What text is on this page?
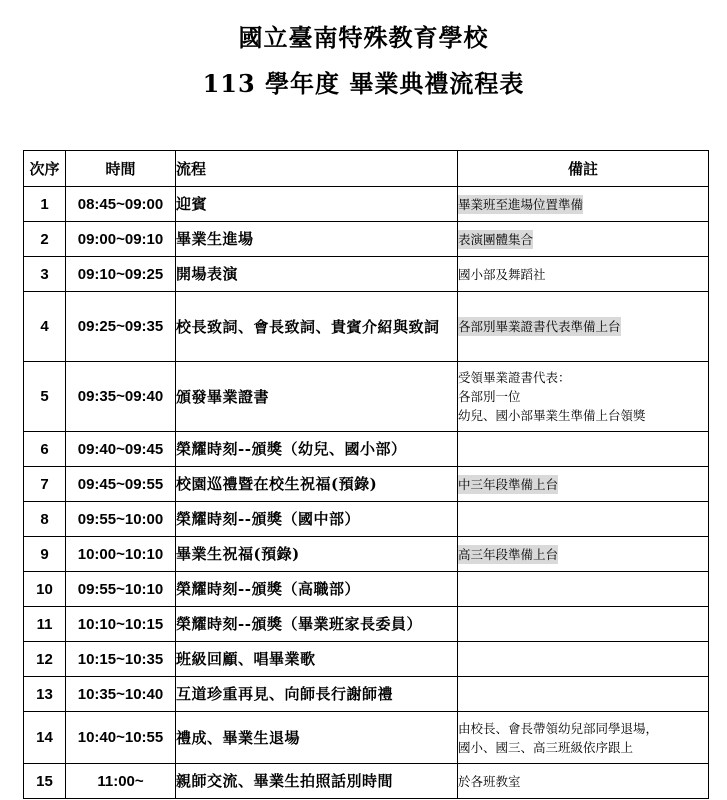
國立臺南特殊教育學校
113 學年度 畢業典禮流程表
次序	時間	流程	備註
1	08:45~09:00	迎賓	畢業班至進場位置準備
2	09:00~09:10	畢業生進場	表演團體集合
3	09:10~09:25	開場表演	國小部及舞蹈社

4	09:25~09:35	校長致詞、會長致詞、貴賓介紹與致詞	各部別畢業證書代表準備上台
5	09:35~09:40	頒發畢業證書	受領畢業證書代表：
各部別一位
幼兒、國小部畢業生準備上台領獎

6	09:40~09:45	榮耀時刻--頒獎（幼兒、國小部）	

7	09:45~09:55	校園巡禮暨在校生祝福(預錄)	中三年段準備上台
8	09:55~10:00	榮耀時刻--頒獎（國中部）	

9	10:00~10:10	畢業生祝福(預錄)	高三年段準備上台
10	09:55~10:10	榮耀時刻--頒獎（高職部）	

11	10:10~10:15	榮耀時刻--頒獎（畢業班家長委員）	

12	10:15~10:35	班級回顧、唱畢業歌	

13	10:35~10:40	互道珍重再見、向師長行謝師禮	

14	10:40~10:55	禮成、畢業生退場	由校長、會長帶領幼兒部同學退場，
國小、國三、高三班級依序跟上

15	11:00~	親師交流、畢業生拍照話別時間	於各班教室
